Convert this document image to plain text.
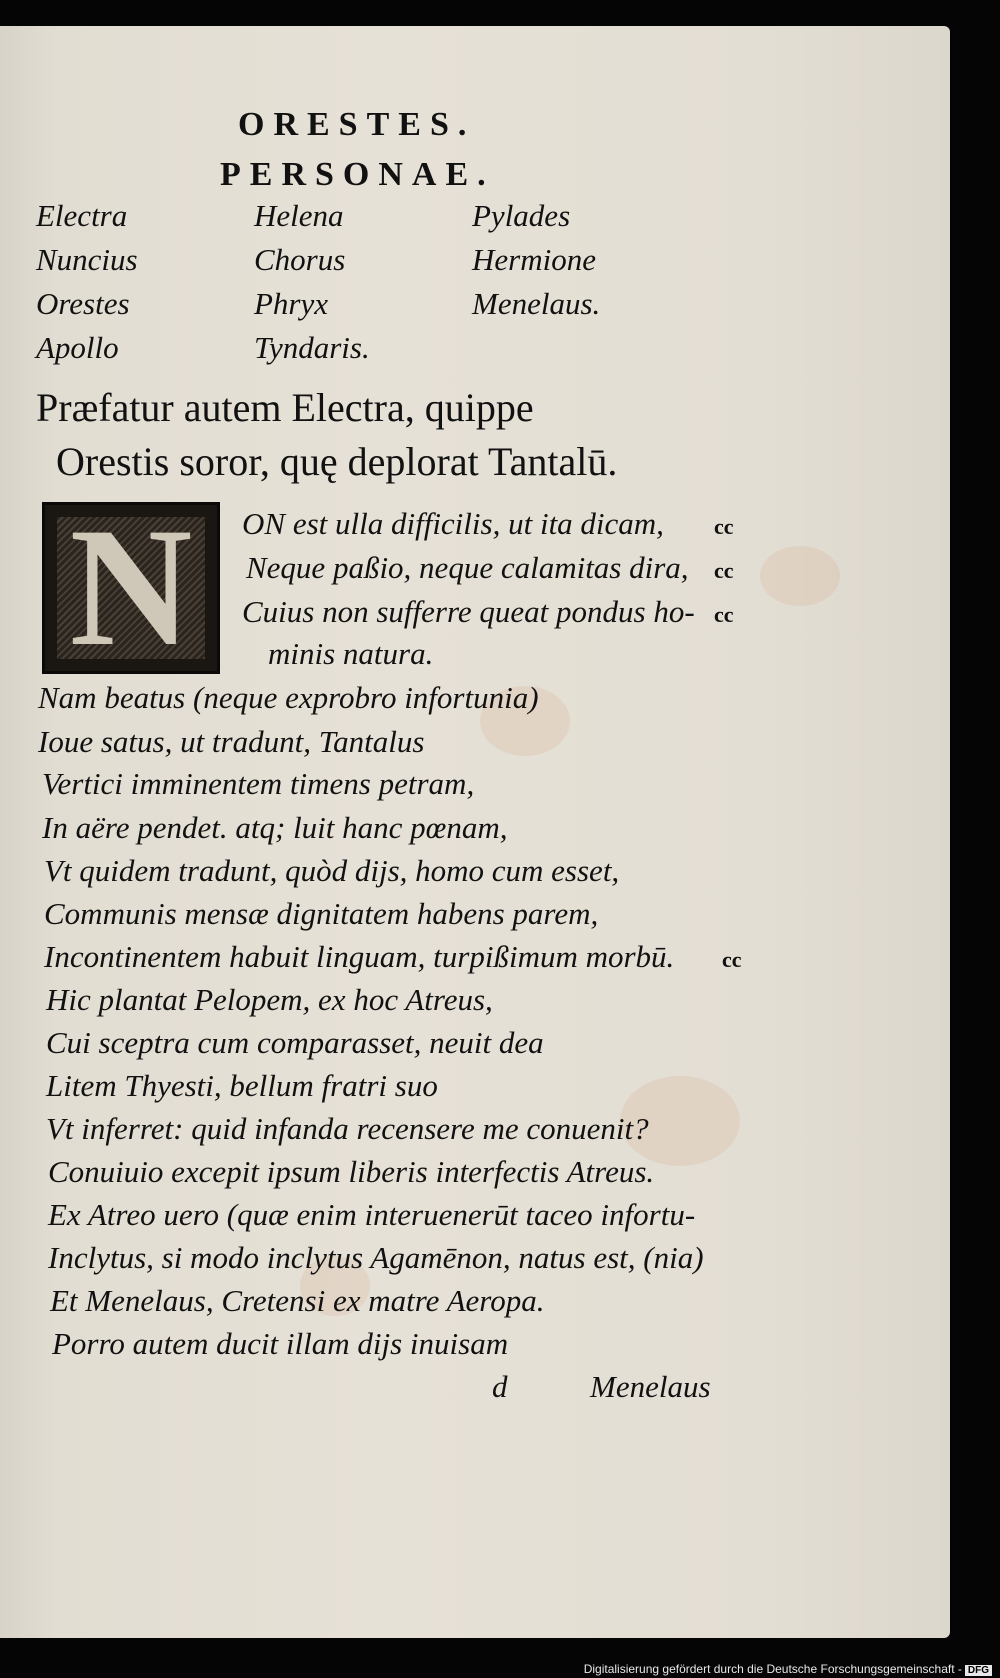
ORESTES.
PERSONAE.
Electra	Helena	Pylades
Nuncius	Chorus	Hermione
Orestes	Phryx	Menelaus.
Apollo	Tyndaris.
Præfatur autem Electra, quippe
Orestis soror, quę deplorat Tantalū.
N	ON est ulla difficilis, ut ita dicam, cc
Neque paßio, neque calamitas dira, cc
Cuius non sufferre queat pondus ho- cc
minis natura.
Nam beatus (neque exprobro infortunia)
Ioue satus, ut tradunt, Tantalus
Vertici imminentem timens petram,
In aëre pendet. atq; luit hanc pœnam,
Vt quidem tradunt, quòd dijs, homo cum esset,
Communis mensæ dignitatem habens parem,
Incontinentem habuit linguam, turpißimum morbū. cc
Hic plantat Pelopem, ex hoc Atreus,
Cui sceptra cum comparasset, neuit dea
Litem Thyesti, bellum fratri suo
Vt inferret: quid infanda recensere me conuenit?
Conuiuio excepit ipsum liberis interfectis Atreus.
Ex Atreo uero (quæ enim interuenerūt taceo infortu-
Inclytus, si modo inclytus Agamēnon, natus est, (nia)
Et Menelaus, Cretensi ex matre Aeropa.
Porro autem ducit illam dijs inuisam
d	Menelaus
Digitalisierung gefördert durch die Deutsche Forschungsgemeinschaft - DFG
